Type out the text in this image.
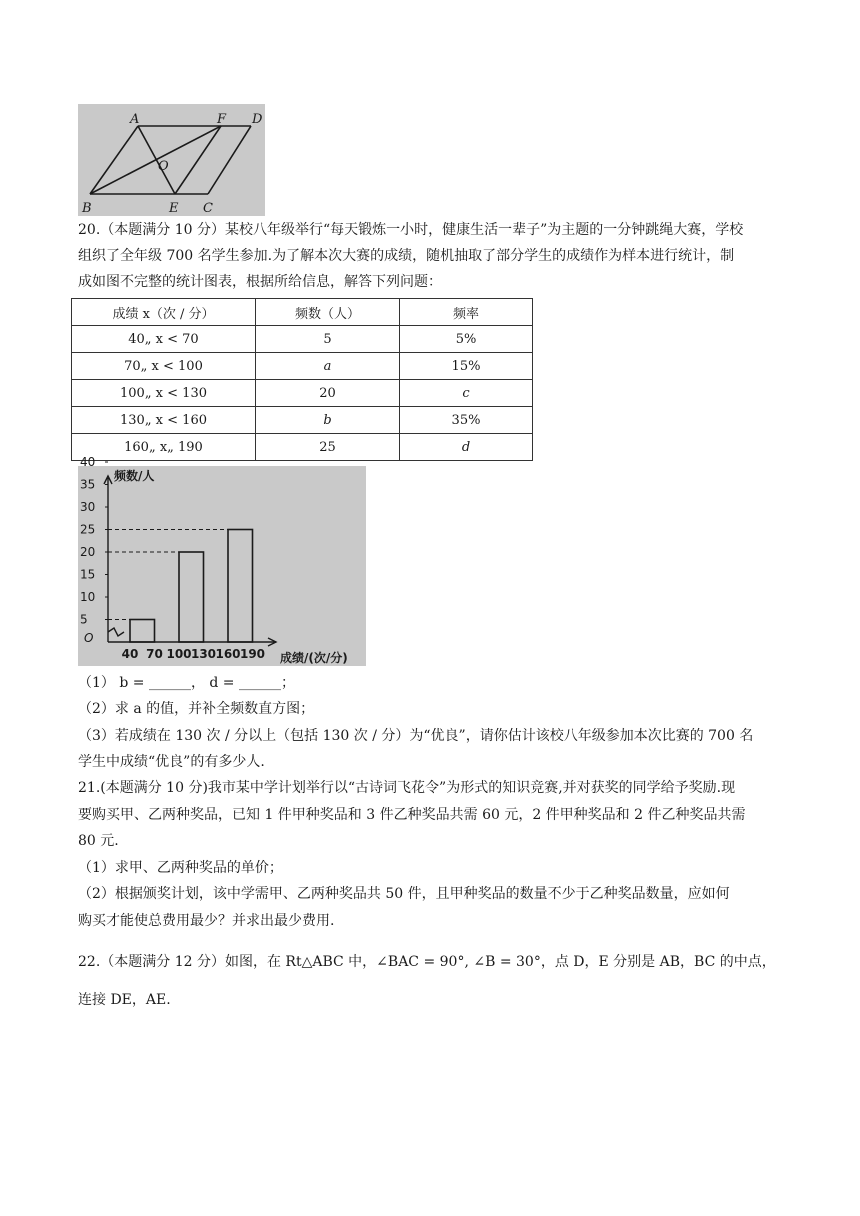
A	F D
O
B	E C
20.（本题满分 10 分）某校八年级举行“每天锻炼一小时，健康生活一辈子”为主题的一分钟跳绳大赛，学校
组织了全年级 700 名学生参加.为了解本次大赛的成绩，随机抽取了部分学生的成绩作为样本进行统计，制
成如图不完整的统计图表，根据所给信息，解答下列问题：
成绩 x（次 / 分）	频数（人）	频率
40„ x < 70	5	5%
70„ x < 100	a	15%
100„ x < 130	20	c
130„ x < 160	b	35%
160„ x„ 190	25	d
40
35
30
25
20
15
10
5
40 70 100 130 160 190
O
频数/人
成绩/(次/分)
（1） b = ______， d = ______；
（2）求 a 的值，并补全频数直方图；
（3）若成绩在 130 次 / 分以上（包括 130 次 / 分）为“优良”，请你估计该校八年级参加本次比赛的 700 名
学生中成绩“优良”的有多少人.
21.(本题满分 10 分)我市某中学计划举行以“古诗词飞花令”为形式的知识竞赛,并对获奖的同学给予奖励.现
要购买甲、乙两种奖品，已知 1 件甲种奖品和 3 件乙种奖品共需 60 元，2 件甲种奖品和 2 件乙种奖品共需
80 元.
（1）求甲、乙两种奖品的单价；
（2）根据颁奖计划，该中学需甲、乙两种奖品共 50 件，且甲种奖品的数量不少于乙种奖品数量，应如何
购买才能使总费用最少？并求出最少费用.
22.（本题满分 12 分）如图，在 Rt△ABC 中，∠BAC = 90°, ∠B = 30°，点 D，E 分别是 AB，BC 的中点，
连接 DE，AE.
